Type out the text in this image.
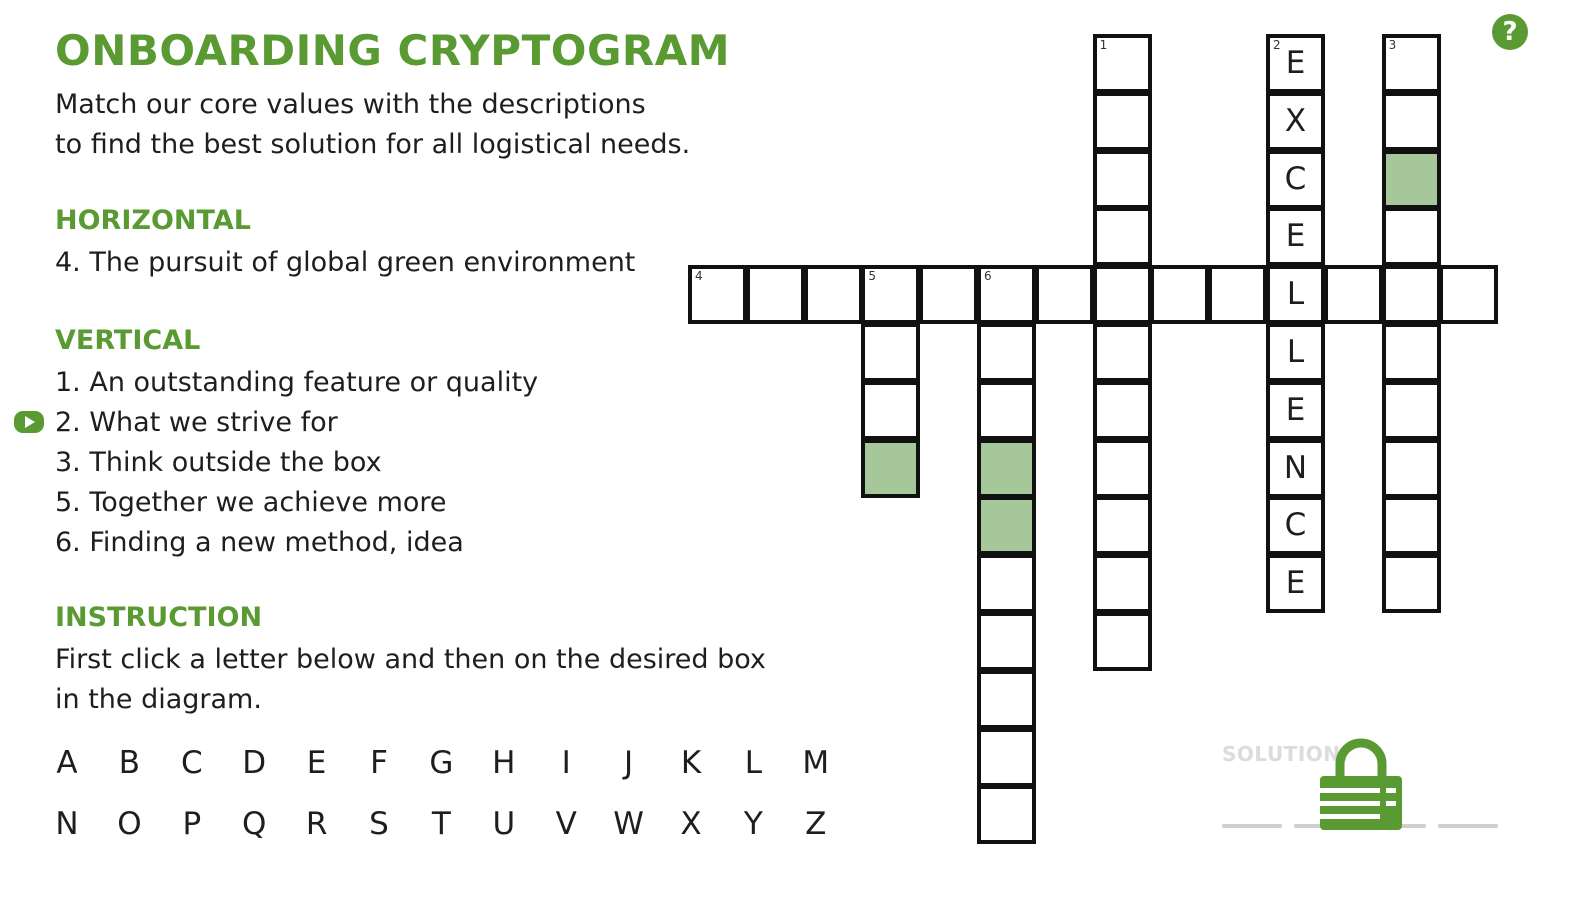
ONBOARDING CRYPTOGRAM
Match our core values with the descriptions
to find the best solution for all logistical needs.
HORIZONTAL
4. The pursuit of global green environment
VERTICAL
1. An outstanding feature or quality
2. What we strive for
3. Think outside the box
5. Together we achieve more
6. Finding a new method, idea
INSTRUCTION
First click a letter below and then on the desired box
in the diagram.
A	B	C	D	E	F	G	H	I	J	K	L	M
N	O	P	Q	R	S	T	U	V	W	X	Y	Z
4	5	6	L
1	2 E
X
C
E
L
E
N
C
E
3	?
SOLUTION:
